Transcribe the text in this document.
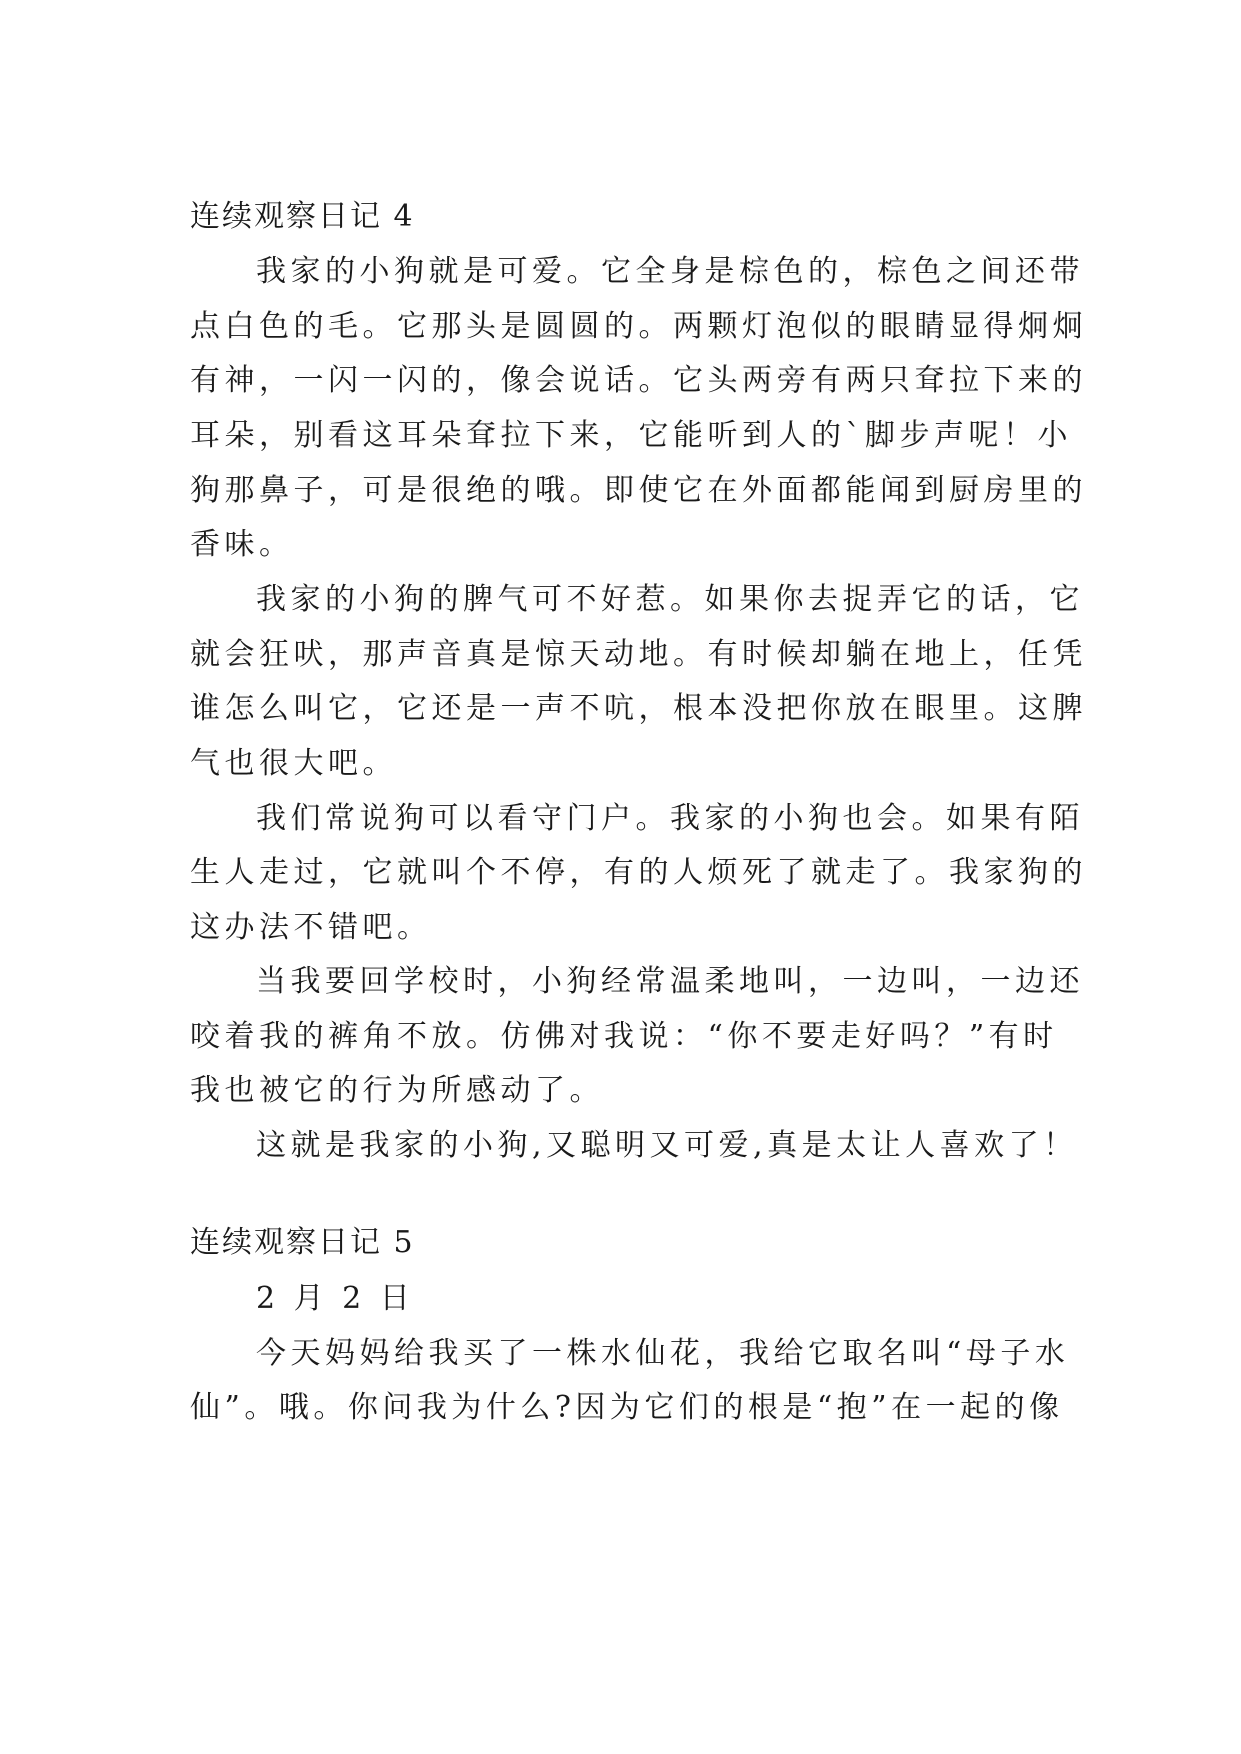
连续观察日记 4
我家的小狗就是可爱。它全身是棕色的，棕色之间还带
点白色的毛。它那头是圆圆的。两颗灯泡似的眼睛显得炯炯
有神，一闪一闪的，像会说话。它头两旁有两只耷拉下来的
耳朵，别看这耳朵耷拉下来，它能听到人的`脚步声呢！小
狗那鼻子，可是很绝的哦。即使它在外面都能闻到厨房里的
香味。
我家的小狗的脾气可不好惹。如果你去捉弄它的话，它
就会狂吠，那声音真是惊天动地。有时候却躺在地上，任凭
谁怎么叫它，它还是一声不吭，根本没把你放在眼里。这脾
气也很大吧。
我们常说狗可以看守门户。我家的小狗也会。如果有陌
生人走过，它就叫个不停，有的人烦死了就走了。我家狗的
这办法不错吧。
当我要回学校时，小狗经常温柔地叫，一边叫，一边还
咬着我的裤角不放。仿佛对我说：“你不要走好吗？”有时
我也被它的行为所感动了。
这就是我家的小狗,又聪明又可爱,真是太让人喜欢了！
连续观察日记 5
2 月 2 日
今天妈妈给我买了一株水仙花，我给它取名叫“母子水
仙”。哦。你问我为什么?因为它们的根是“抱”在一起的像
